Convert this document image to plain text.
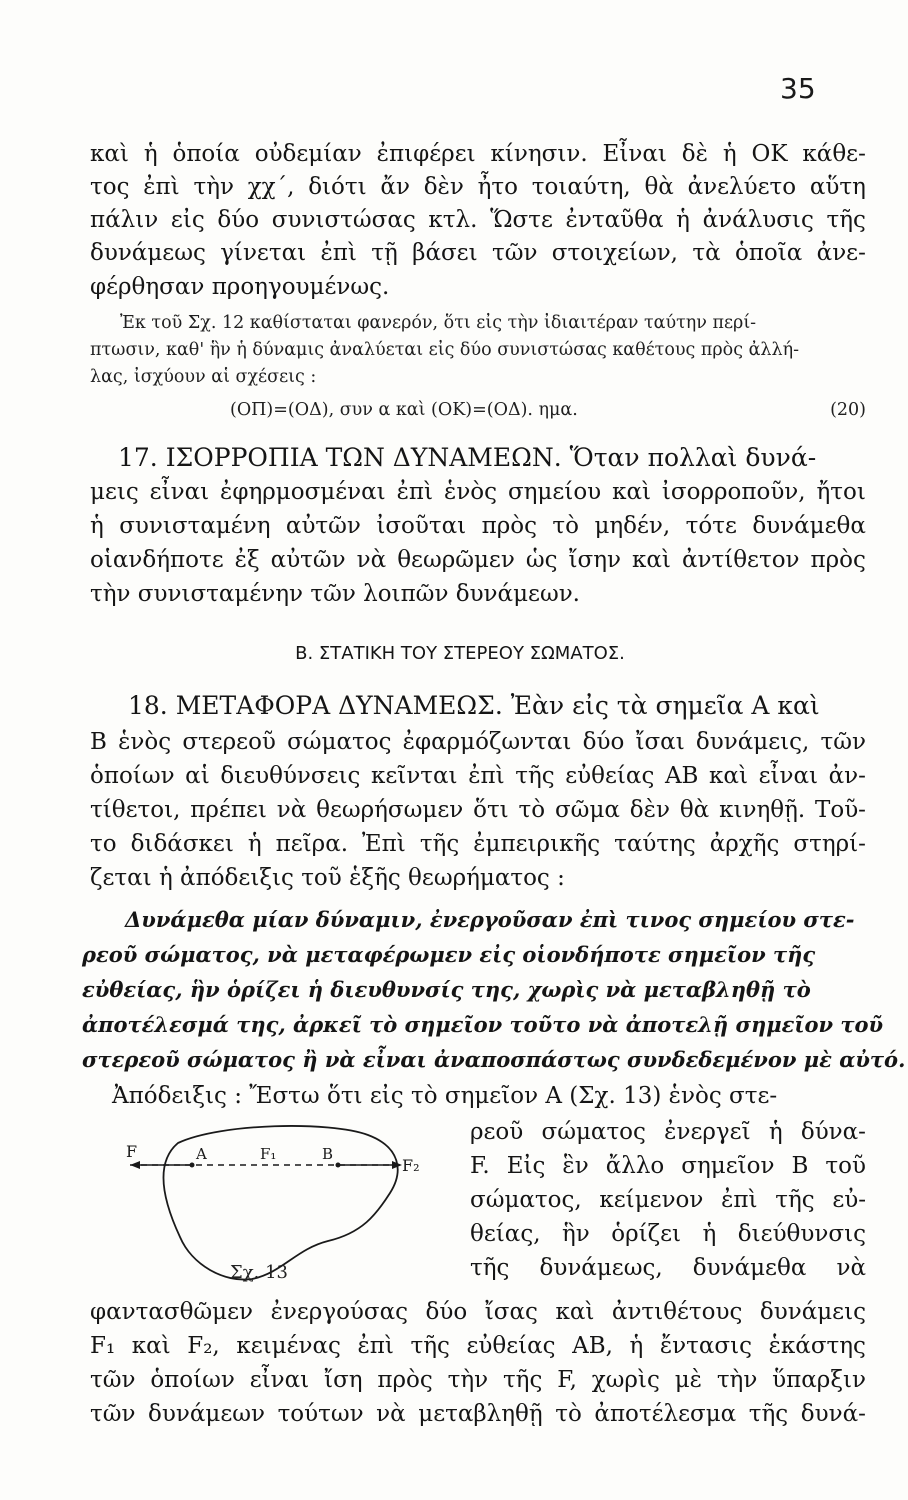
35
καὶ ἡ ὁποία οὐδεμίαν ἐπιφέρει κίνησιν. Εἶναι δὲ ἡ ΟΚ κάθε-
τος ἐπὶ τὴν χχ΄, διότι ἄν δὲν ἦτο τοιαύτη, θὰ ἀνελύετο αὕτη
πάλιν εἰς δύο συνιστώσας κτλ. Ὥστε ἐνταῦθα ἡ ἀνάλυσις τῆς
δυνάμεως γίνεται ἐπὶ τῇ βάσει τῶν στοιχείων, τὰ ὁποῖα ἀνε-
φέρθησαν προηγουμένως.
Ἐκ τοῦ Σχ. 12 καθίσταται φανερόν, ὅτι εἰς τὴν ἰδιαιτέραν ταύτην περί-
πτωσιν, καθ' ἣν ἡ δύναμις ἀναλύεται εἰς δύο συνιστώσας καθέτους πρὸς ἀλλή-
λας, ἰσχύουν αἱ σχέσεις :
(ΟΠ)=(ΟΔ), συν α καὶ (ΟΚ)=(ΟΔ). ημα.	(20)
17. ΙΣΟΡΡΟΠΙΑ ΤΩΝ ΔΥΝΑΜΕΩΝ. Ὅταν πολλαὶ δυνά-
μεις εἶναι ἐφηρμοσμέναι ἐπὶ ἑνὸς σημείου καὶ ἰσορροποῦν, ἤτοι
ἡ συνισταμένη αὐτῶν ἰσοῦται πρὸς τὸ μηδέν, τότε δυνάμεθα
οἱανδήποτε ἐξ αὐτῶν νὰ θεωρῶμεν ὡς ἴσην καὶ ἀντίθετον πρὸς
τὴν συνισταμένην τῶν λοιπῶν δυνάμεων.
Β. ΣΤΑΤΙΚΗ ΤΟΥ ΣΤΕΡΕΟΥ ΣΩΜΑΤΟΣ.
18. ΜΕΤΑΦΟΡΑ ΔΥΝΑΜΕΩΣ. Ἐὰν εἰς τὰ σημεῖα Α καὶ
Β ἑνὸς στερεοῦ σώματος ἐφαρμόζωνται δύο ἴσαι δυνάμεις, τῶν
ὁποίων αἱ διευθύνσεις κεῖνται ἐπὶ τῆς εὐθείας ΑΒ καὶ εἶναι ἀν-
τίθετοι, πρέπει νὰ θεωρήσωμεν ὅτι τὸ σῶμα δὲν θὰ κινηθῇ. Τοῦ-
το διδάσκει ἡ πεῖρα. Ἐπὶ τῆς ἐμπειρικῆς ταύτης ἀρχῆς στηρί-
ζεται ἡ ἀπόδειξις τοῦ ἑξῆς θεωρήματος :
Δυνάμεθα μίαν δύναμιν, ἐνεργοῦσαν ἐπὶ τινος σημείου στε-
ρεοῦ σώματος, νὰ μεταφέρωμεν εἰς οἱονδήποτε σημεῖον τῆς
εὐθείας, ἣν ὁρίζει ἡ διευθυνσίς της, χωρὶς νὰ μεταβληθῇ τὸ
ἀποτέλεσμά της, ἀρκεῖ τὸ σημεῖον τοῦτο νὰ ἀποτελῇ σημεῖον τοῦ
στερεοῦ σώματος ἢ νὰ εἶναι ἀναποσπάστως συνδεδεμένον μὲ αὐτό.
Ἀπόδειξις : Ἔστω ὅτι εἰς τὸ σημεῖον Α (Σχ. 13) ἑνὸς στε-
F	A	F₁	B
F₂
Σχ. 13
ρεοῦ σώματος ἐνεργεῖ ἡ δύνα-
F. Εἰς ἓν ἄλλο σημεῖον Β τοῦ
σώματος, κείμενον ἐπὶ τῆς εὐ-
θείας, ἣν ὁρίζει ἡ διεύθυνσις
τῆς δυνάμεως, δυνάμεθα νὰ
φαντασθῶμεν ἐνεργούσας δύο ἴσας καὶ ἀντιθέτους δυνάμεις
F₁ καὶ F₂, κειμένας ἐπὶ τῆς εὐθείας ΑΒ, ἡ ἔντασις ἑκάστης
τῶν ὁποίων εἶναι ἴση πρὸς τὴν τῆς F, χωρὶς μὲ τὴν ὕπαρξιν
τῶν δυνάμεων τούτων νὰ μεταβληθῇ τὸ ἀποτέλεσμα τῆς δυνά-
